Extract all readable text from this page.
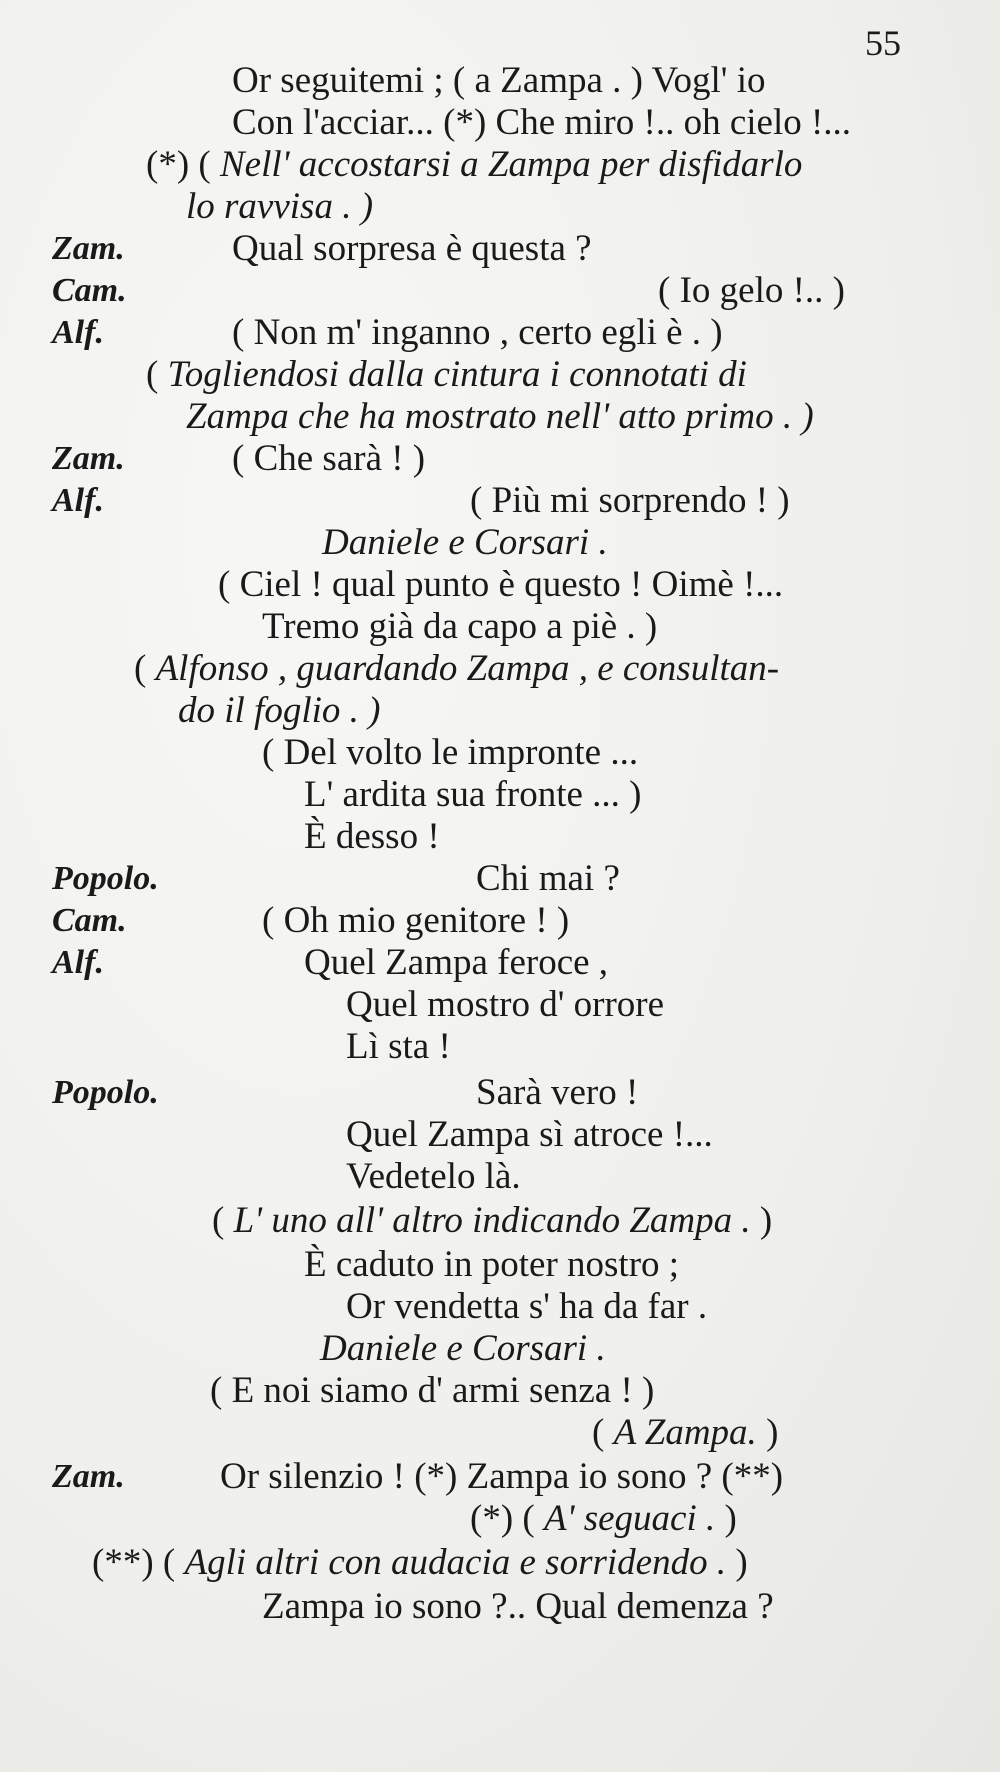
55
Or seguitemi ; ( a Zampa . ) Vogl' io
Con l'acciar... (*) Che miro !.. oh cielo !...
(*) ( Nell' accostarsi a Zampa per disfidarlo
lo ravvisa . )
Zam.	Qual sorpresa è questa ?
Cam.	( Io gelo !.. )
Alf.	( Non m' inganno , certo egli è . )
( Togliendosi dalla cintura i connotati di
Zampa che ha mostrato nell' atto primo . )
Zam.	( Che sarà ! )
Alf.	( Più mi sorprendo ! )
Daniele e Corsari .
( Ciel ! qual punto è questo ! Oimè !...
Tremo già da capo a piè . )
( Alfonso , guardando Zampa , e consultan-
do il foglio . )
( Del volto le impronte ...
L' ardita sua fronte ... )
È desso !
Popolo.	Chi mai ?
Cam.	( Oh mio genitore ! )
Alf.	Quel Zampa feroce ,
Quel mostro d' orrore
Lì sta !
Popolo.	Sarà vero !
Quel Zampa sì atroce !...
Vedetelo là.
( L' uno all' altro indicando Zampa . )
È caduto in poter nostro ;
Or vendetta s' ha da far .
Daniele e Corsari .
( E noi siamo d' armi senza ! )
( A Zampa. )
Zam.	Or silenzio ! (*) Zampa io sono ? (**)
(*) ( A' seguaci . )
(**) ( Agli altri con audacia e sorridendo . )
Zampa io sono ?.. Qual demenza ?
